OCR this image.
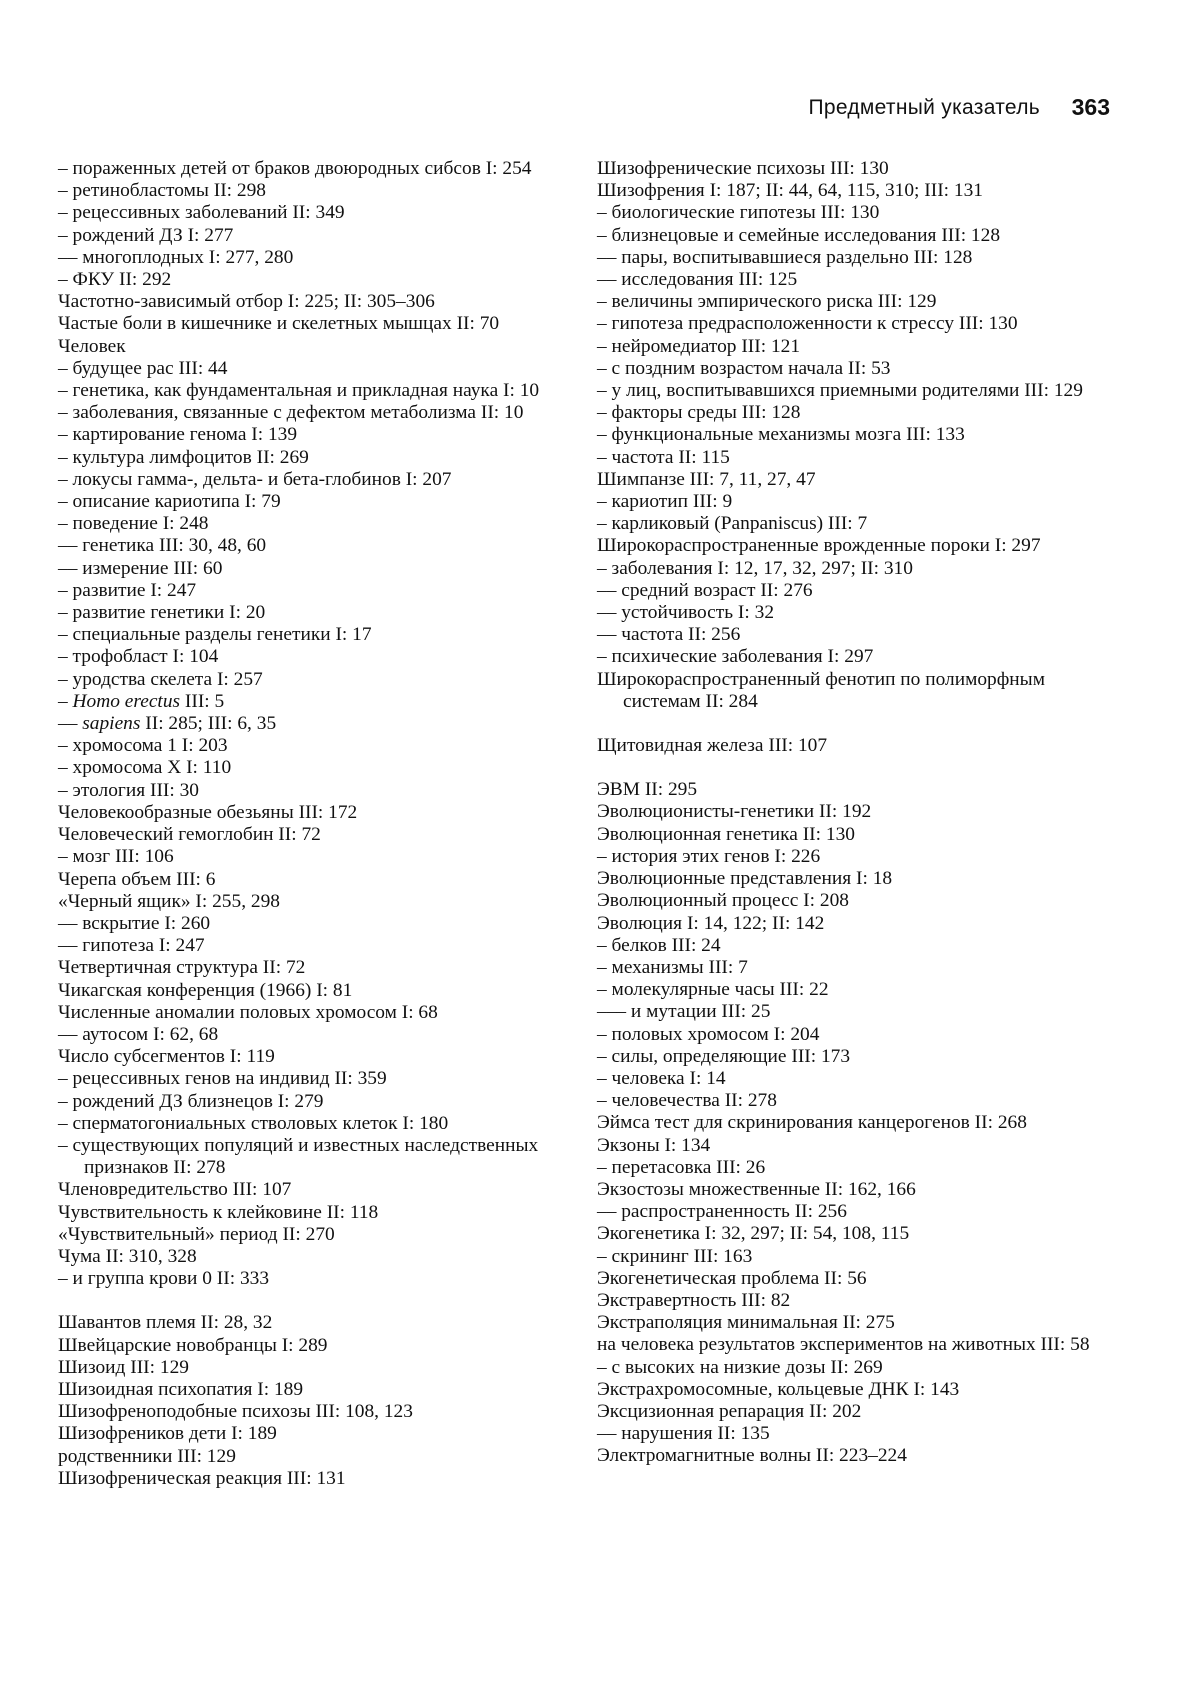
Предметный указатель 363
– пораженных детей от браков двоюродных сибсов I: 254
– ретинобластомы II: 298
– рецессивных заболеваний II: 349
– рождений ДЗ I: 277
–– многоплодных I: 277, 280
– ФКУ II: 292
Частотно-зависимый отбор I: 225; II: 305–306
Частые боли в кишечнике и скелетных мышцах II: 70
Человек
– будущее рас III: 44
– генетика, как фундаментальная и прикладная наука I: 10
– заболевания, связанные с дефектом метаболизма II: 10
– картирование генома I: 139
– культура лимфоцитов II: 269
– локусы гамма-, дельта- и бета-глобинов I: 207
– описание кариотипа I: 79
– поведение I: 248
–– генетика III: 30, 48, 60
–– измерение III: 60
– развитие I: 247
– развитие генетики I: 20
– специальные разделы генетики I: 17
– трофобласт I: 104
– уродства скелета I: 257
– Homo erectus III: 5
–– sapiens II: 285; III: 6, 35
– хромосома 1 I: 203
– хромосома X I: 110
– этология III: 30
Человекообразные обезьяны III: 172
Человеческий гемоглобин II: 72
– мозг III: 106
Черепа объем III: 6
«Черный ящик» I: 255, 298
–– вскрытие I: 260
–– гипотеза I: 247
Четвертичная структура II: 72
Чикагская конференция (1966) I: 81
Численные аномалии половых хромосом I: 68
–– аутосом I: 62, 68
Число субсегментов I: 119
– рецессивных генов на индивид II: 359
– рождений ДЗ близнецов I: 279
– сперматогониальных стволовых клеток I: 180
– существующих популяций и известных наследственных признаков II: 278
Членовредительство III: 107
Чувствительность к клейковине II: 118
«Чувствительный» период II: 270
Чума II: 310, 328
– и группа крови 0 II: 333
Шавантов племя II: 28, 32
Швейцарские новобранцы I: 289
Шизоид III: 129
Шизоидная психопатия I: 189
Шизофреноподобные психозы III: 108, 123
Шизофреников дети I: 189
родственники III: 129
Шизофреническая реакция III: 131
Шизофренические психозы III: 130
Шизофрения I: 187; II: 44, 64, 115, 310; III: 131
– биологические гипотезы III: 130
– близнецовые и семейные исследования III: 128
–– пары, воспитывавшиеся раздельно III: 128
–– исследования III: 125
– величины эмпирического риска III: 129
– гипотеза предрасположенности к стрессу III: 130
– нейромедиатор III: 121
– с поздним возрастом начала II: 53
– у лиц, воспитывавшихся приемными родителями III: 129
– факторы среды III: 128
– функциональные механизмы мозга III: 133
– частота II: 115
Шимпанзе III: 7, 11, 27, 47
– кариотип III: 9
– карликовый (Panpaniscus) III: 7
Широкораспространенные врожденные пороки I: 297
– заболевания I: 12, 17, 32, 297; II: 310
–– средний возраст II: 276
–– устойчивость I: 32
–– частота II: 256
– психические заболевания I: 297
Широкораспространенный фенотип по полиморфным системам II: 284
Щитовидная железа III: 107
ЭВМ II: 295
Эволюционисты-генетики II: 192
Эволюционная генетика II: 130
– история этих генов I: 226
Эволюционные представления I: 18
Эволюционный процесс I: 208
Эволюция I: 14, 122; II: 142
– белков III: 24
– механизмы III: 7
– молекулярные часы III: 22
––– и мутации III: 25
– половых хромосом I: 204
– силы, определяющие III: 173
– человека I: 14
– человечества II: 278
Эймса тест для скринирования канцерогенов II: 268
Экзоны I: 134
– перетасовка III: 26
Экзостозы множественные II: 162, 166
–– распространенность II: 256
Экогенетика I: 32, 297; II: 54, 108, 115
– скрининг III: 163
Экогенетическая проблема II: 56
Экстравертность III: 82
Экстраполяция минимальная II: 275
на человека результатов экспериментов на животных III: 58
– с высоких на низкие дозы II: 269
Экстрахромосомные, кольцевые ДНК I: 143
Эксцизионная репарация II: 202
–– нарушения II: 135
Электромагнитные волны II: 223–224
